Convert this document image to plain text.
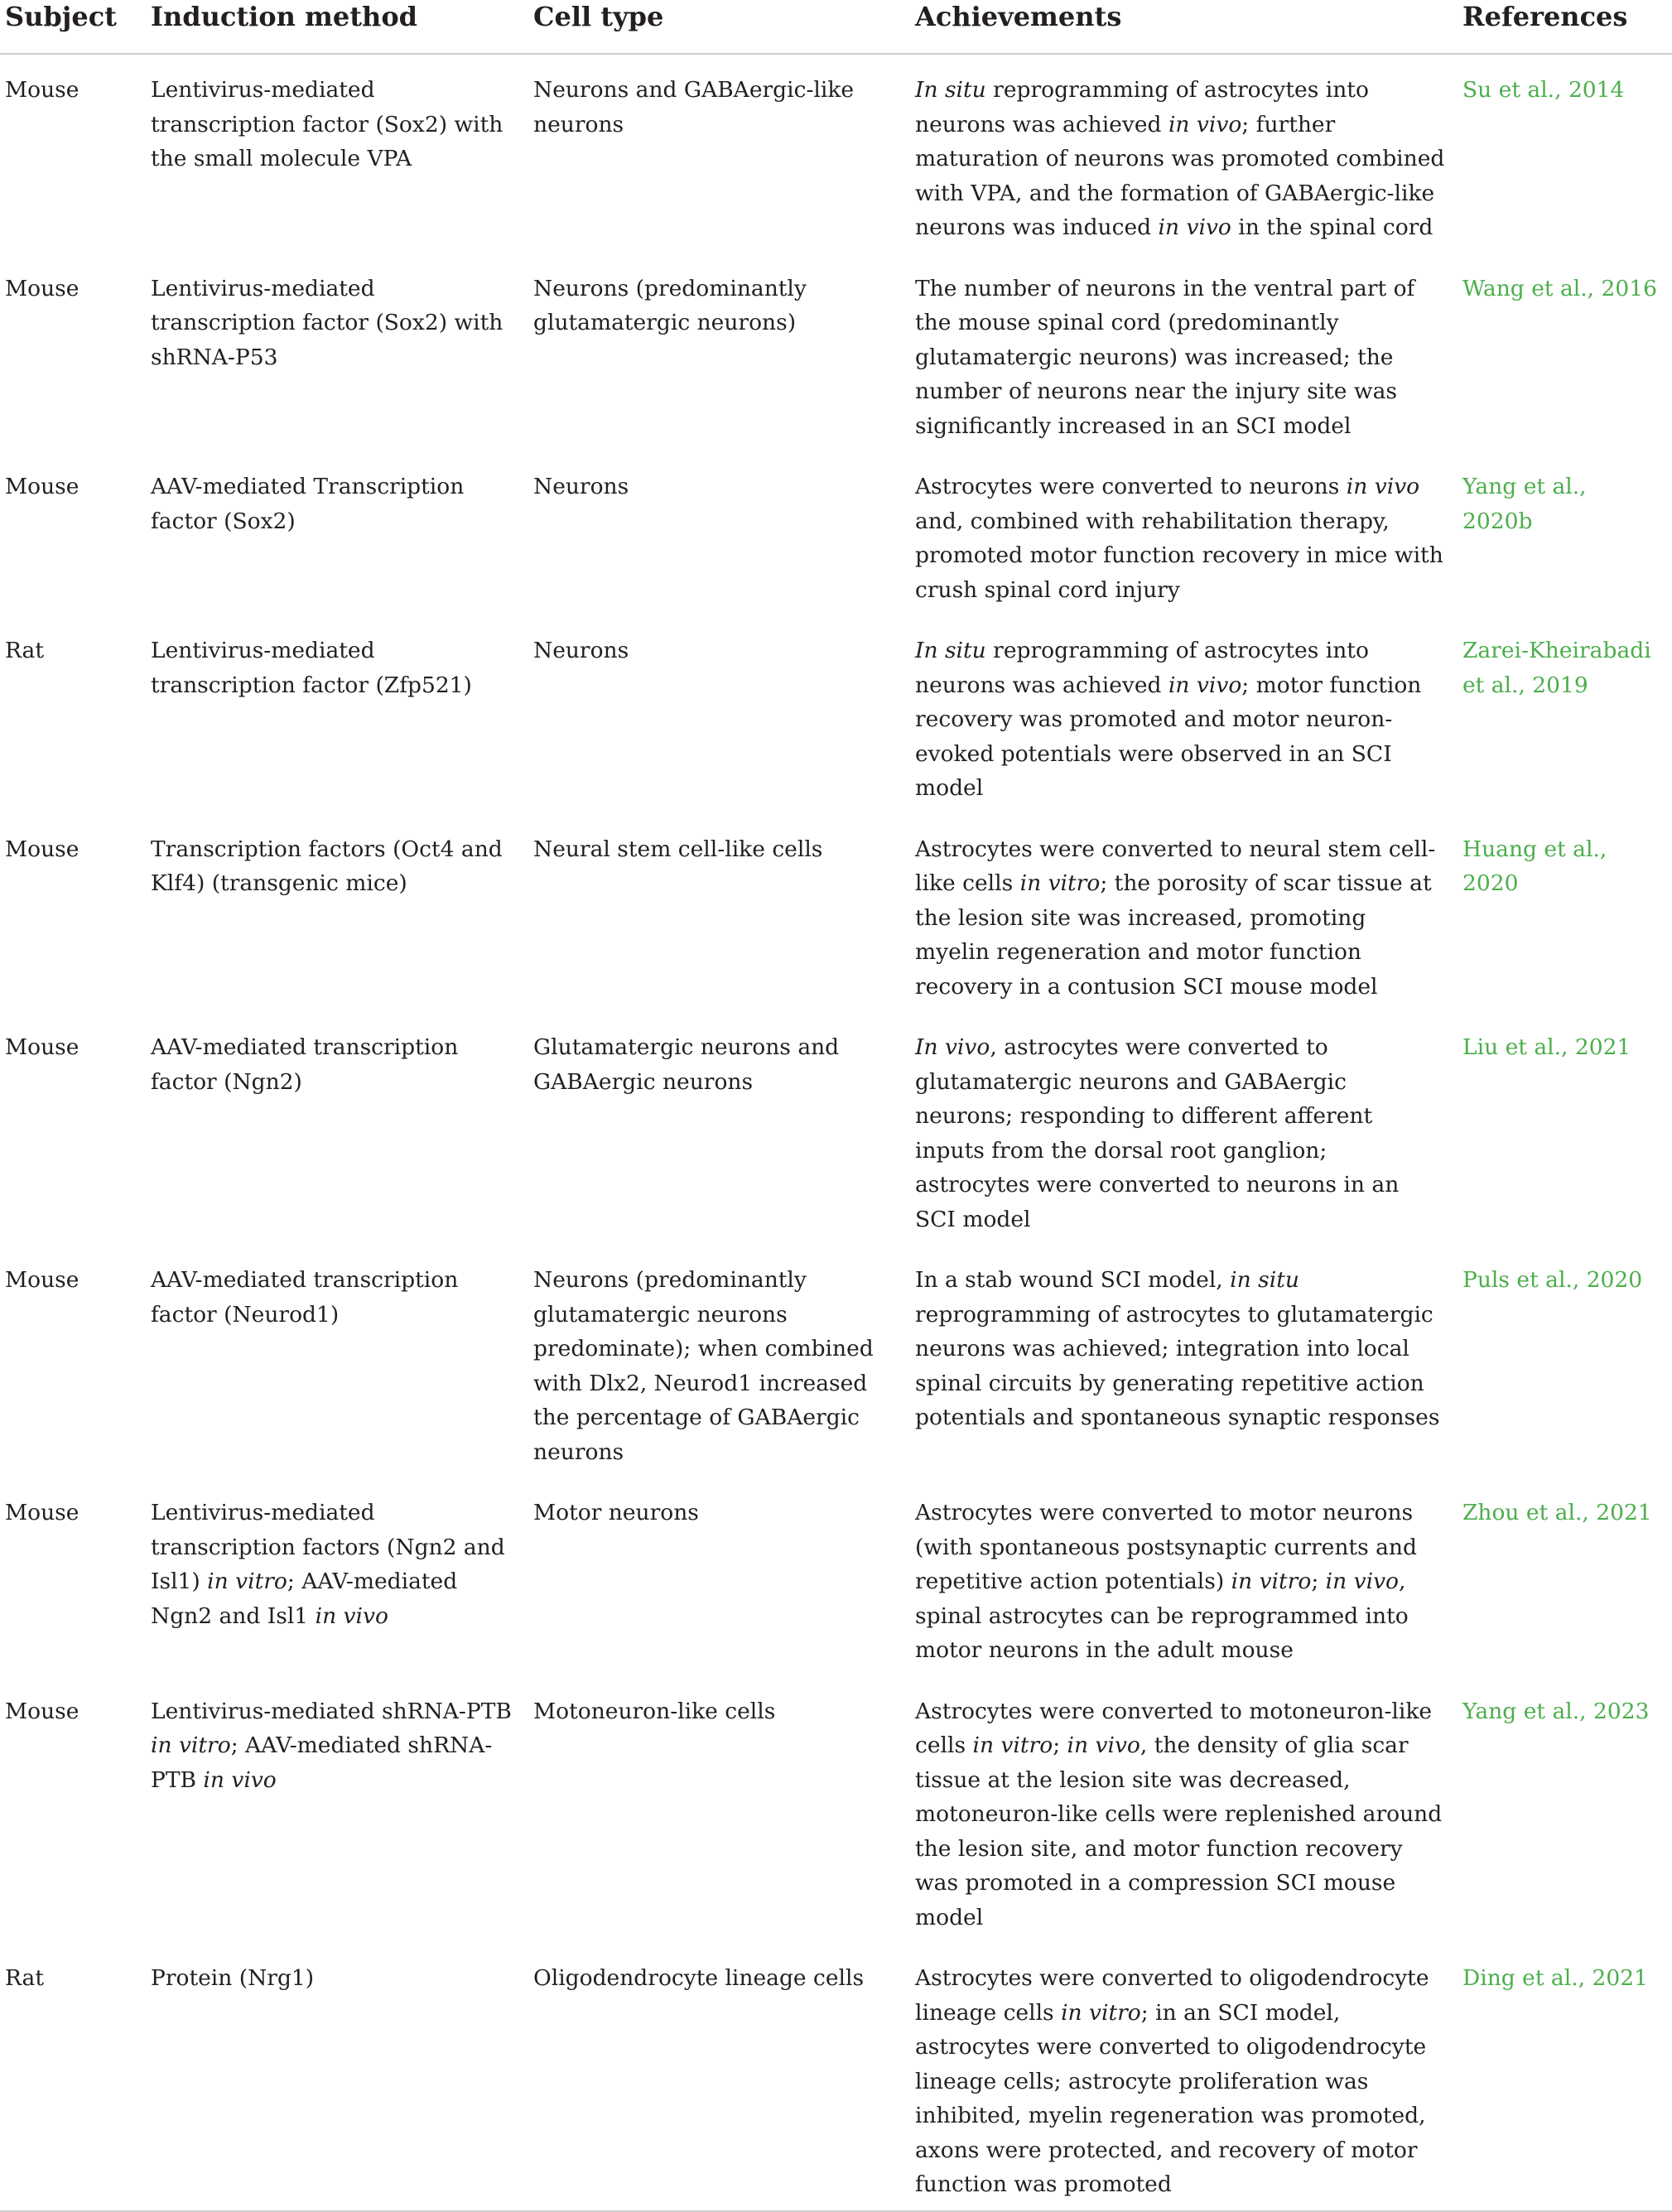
Subject	Induction method	Cell type	Achievements	References
Mouse	Lentivirus-mediated transcription factor (Sox2) with the small molecule VPA	Neurons and GABAergic-like neurons	In situ reprogramming of astrocytes into neurons was achieved in vivo; further maturation of neurons was promoted combined with VPA, and the formation of GABAergic-like neurons was induced in vivo in the spinal cord	Su et al., 2014
Mouse	Lentivirus-mediated transcription factor (Sox2) with shRNA-P53	Neurons (predominantly glutamatergic neurons)	The number of neurons in the ventral part of the mouse spinal cord (predominantly glutamatergic neurons) was increased; the number of neurons near the injury site was significantly increased in an SCI model	Wang et al., 2016
Mouse	AAV-mediated Transcription factor (Sox2)	Neurons	Astrocytes were converted to neurons in vivo and, combined with rehabilitation therapy, promoted motor function recovery in mice with crush spinal cord injury	Yang et al., 2020b
Rat	Lentivirus-mediated transcription factor (Zfp521)	Neurons	In situ reprogramming of astrocytes into neurons was achieved in vivo; motor function recovery was promoted and motor neuron-evoked potentials were observed in an SCI model	Zarei-Kheirabadi et al., 2019
Mouse	Transcription factors (Oct4 and Klf4) (transgenic mice)	Neural stem cell-like cells	Astrocytes were converted to neural stem cell-like cells in vitro; the porosity of scar tissue at the lesion site was increased, promoting myelin regeneration and motor function recovery in a contusion SCI mouse model	Huang et al., 2020
Mouse	AAV-mediated transcription factor (Ngn2)	Glutamatergic neurons and GABAergic neurons	In vivo, astrocytes were converted to glutamatergic neurons and GABAergic neurons; responding to different afferent inputs from the dorsal root ganglion; astrocytes were converted to neurons in an SCI model	Liu et al., 2021
Mouse	AAV-mediated transcription factor (Neurod1)	Neurons (predominantly glutamatergic neurons predominate); when combined with Dlx2, Neurod1 increased the percentage of GABAergic neurons	In a stab wound SCI model, in situ reprogramming of astrocytes to glutamatergic neurons was achieved; integration into local spinal circuits by generating repetitive action potentials and spontaneous synaptic responses	Puls et al., 2020
Mouse	Lentivirus-mediated transcription factors (Ngn2 and Isl1) in vitro; AAV-mediated Ngn2 and Isl1 in vivo	Motor neurons	Astrocytes were converted to motor neurons (with spontaneous postsynaptic currents and repetitive action potentials) in vitro; in vivo, spinal astrocytes can be reprogrammed into motor neurons in the adult mouse	Zhou et al., 2021
Mouse	Lentivirus-mediated shRNA-PTB in vitro; AAV-mediated shRNA-PTB in vivo	Motoneuron-like cells	Astrocytes were converted to motoneuron-like cells in vitro; in vivo, the density of glia scar tissue at the lesion site was decreased, motoneuron-like cells were replenished around the lesion site, and motor function recovery was promoted in a compression SCI mouse model	Yang et al., 2023
Rat	Protein (Nrg1)	Oligodendrocyte lineage cells	Astrocytes were converted to oligodendrocyte lineage cells in vitro; in an SCI model, astrocytes were converted to oligodendrocyte lineage cells; astrocyte proliferation was inhibited, myelin regeneration was promoted, axons were protected, and recovery of motor function was promoted	Ding et al., 2021
